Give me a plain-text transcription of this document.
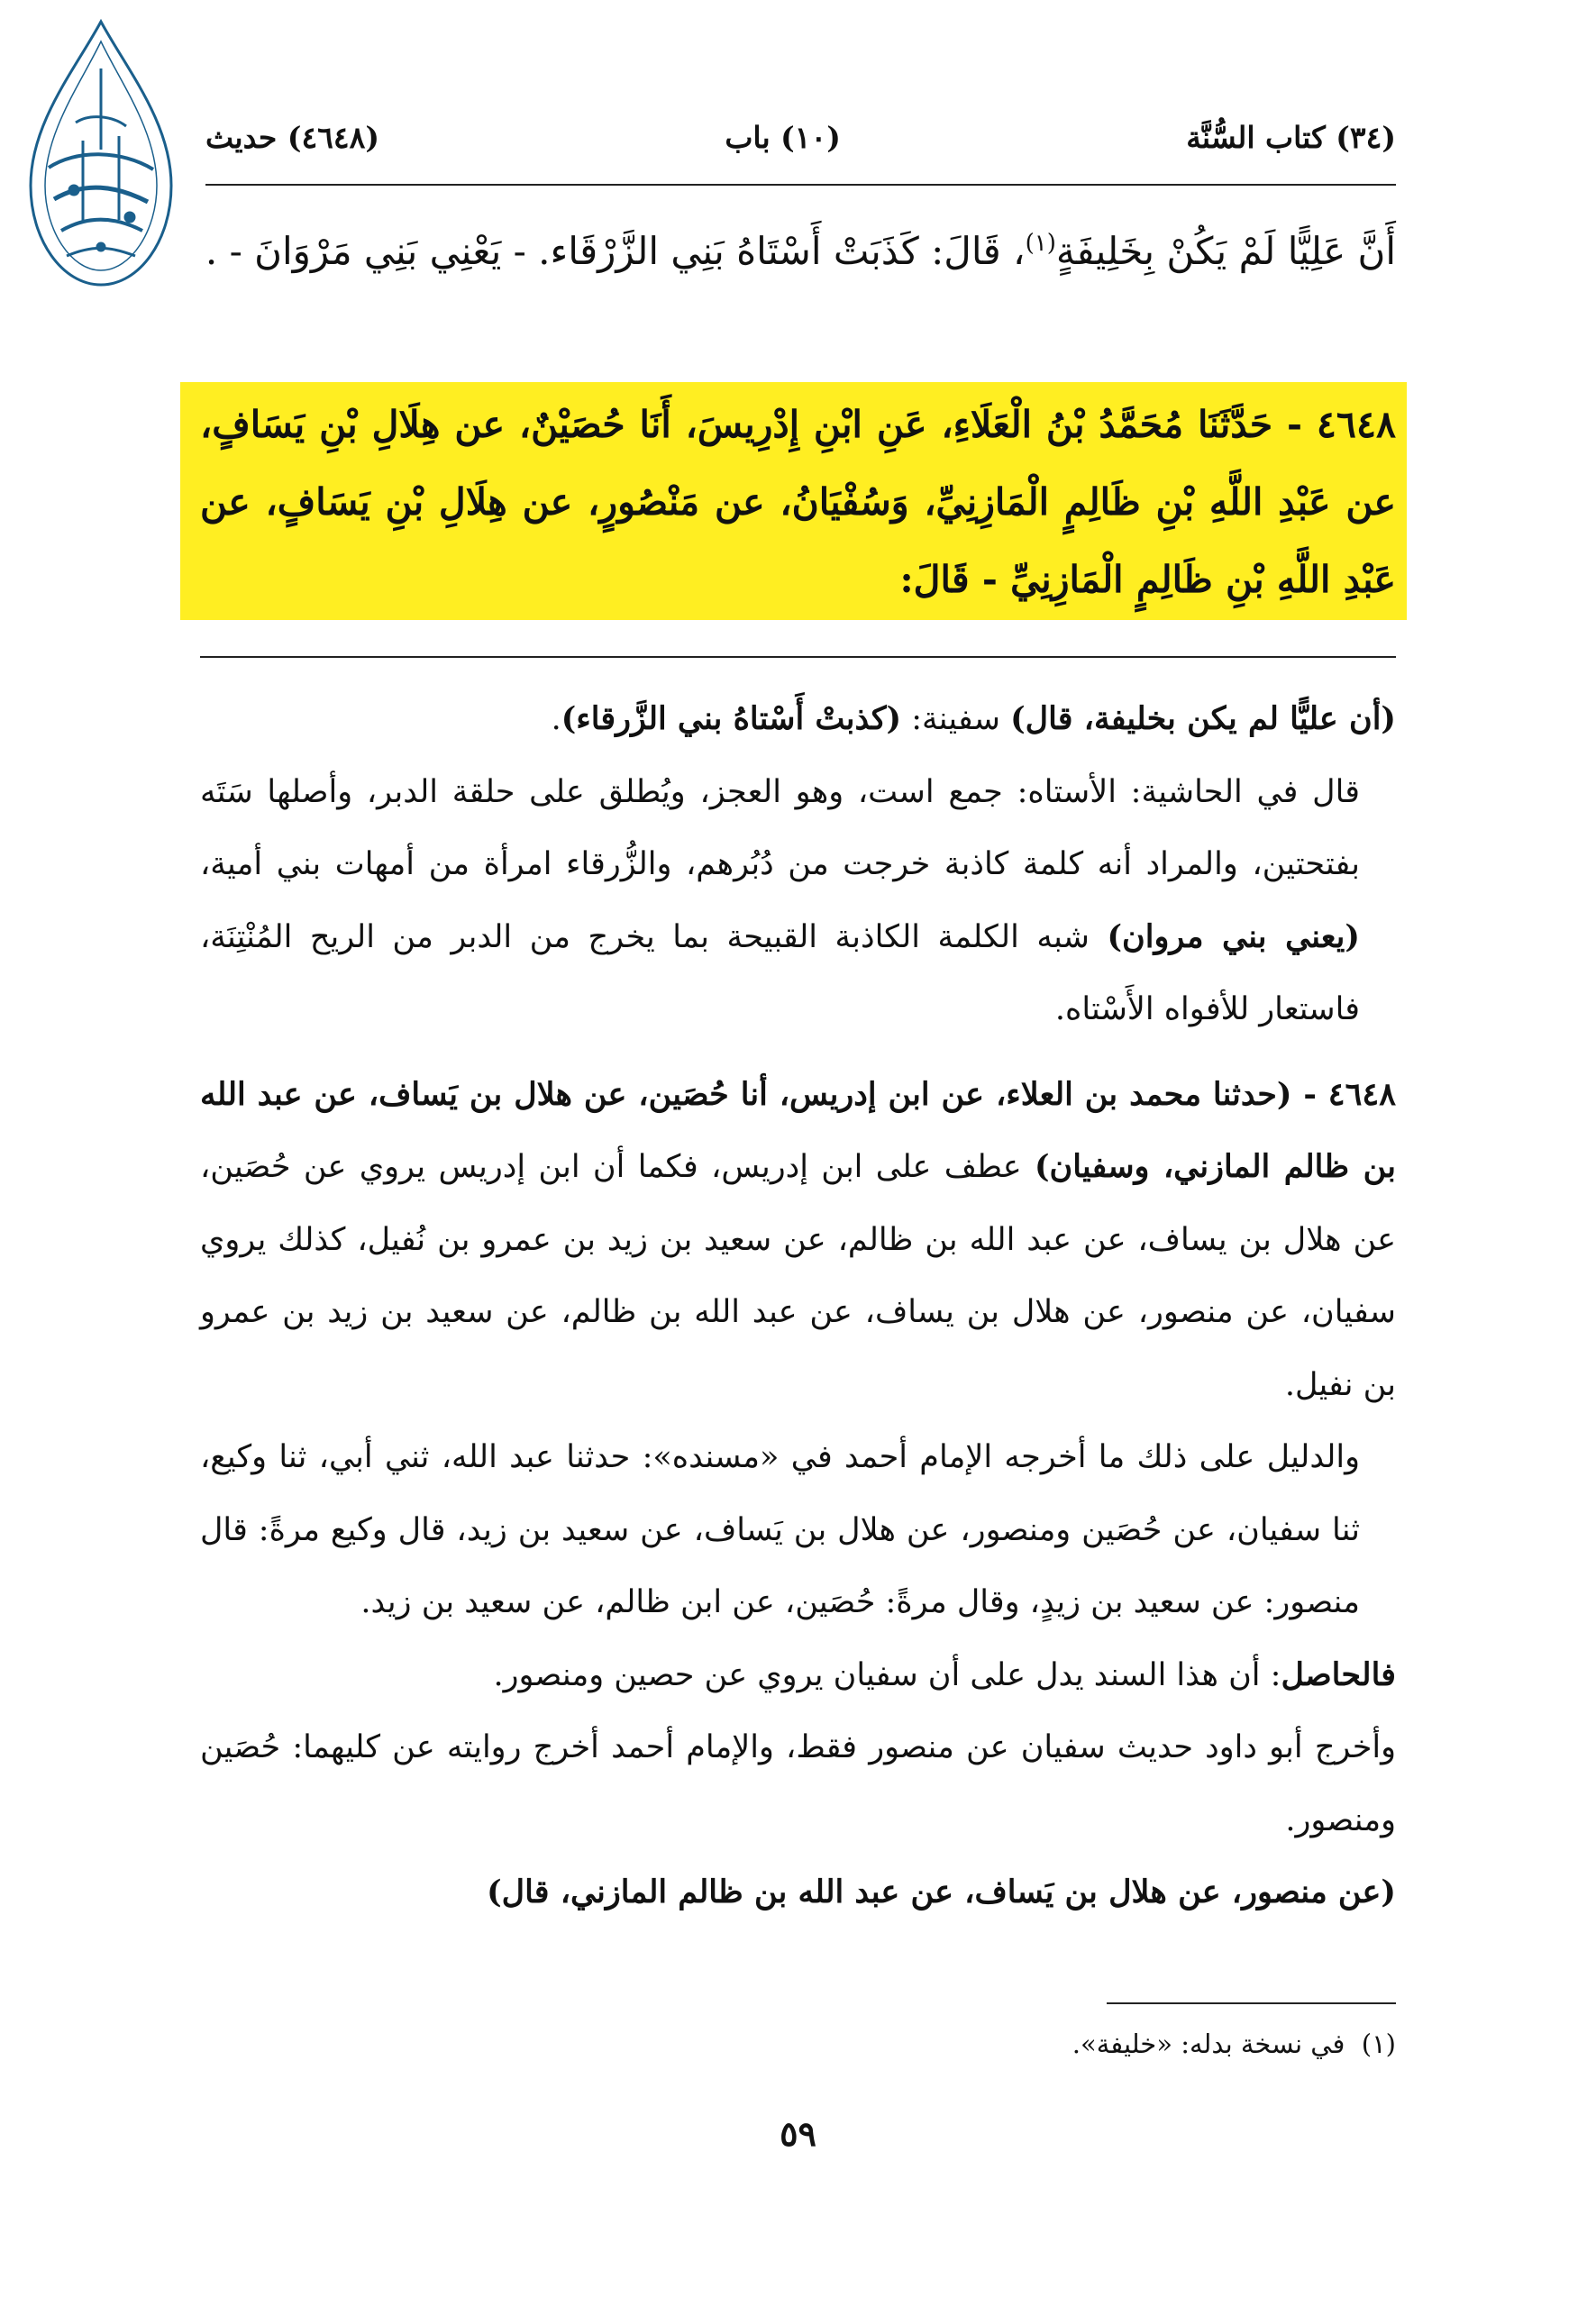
(٣٤) كتاب السُّنَّة
(١٠) باب
(٤٦٤٨) حديث
أَنَّ عَلِيًّا لَمْ يَكُنْ بِخَلِيفَةٍ$^{(١)}$، قَالَ: كَذَبَتْ أَسْتَاهُ بَنِي الزَّرْقَاء. - يَعْنِي بَنِي مَرْوَانَ - .
٤٦٤٨ - حَدَّثَنَا مُحَمَّدُ بْنُ الْعَلَاءِ، عَنِ ابْنِ إِدْرِيسَ، أَنَا حُصَيْنٌ، عن هِلَالِ بْنِ يَسَافٍ، عن عَبْدِ اللَّهِ بْنِ ظَالِمٍ الْمَازِنِيِّ، وَسُفْيَانُ، عن مَنْصُورٍ، عن هِلَالِ بْنِ يَسَافٍ، عن عَبْدِ اللَّهِ بْنِ ظَالِمٍ الْمَازِنِيِّ - قَالَ:

(أن عليًّا لم يكن بخليفة، قال) سفينة: (كذبتْ أَسْتاهُ بني الزَّرقاء).

قال في الحاشية: الأستاه: جمع است، وهو العجز، ويُطلق على حلقة الدبر، وأصلها سَتَه بفتحتين، والمراد أنه كلمة كاذبة خرجت من دُبُرهم، والزُّرقاء امرأة من أمهات بني أمية، (يعني بني مروان) شبه الكلمة الكاذبة القبيحة بما يخرج من الدبر من الريح المُنْتِنَة، فاستعار للأفواه الأَسْتاه.

٤٦٤٨ - (حدثنا محمد بن العلاء، عن ابن إدريس، أنا حُصَين، عن هلال بن يَساف، عن عبد الله بن ظالم المازني، وسفيان) عطف على ابن إدريس، فكما أن ابن إدريس يروي عن حُصَين، عن هلال بن يساف، عن عبد الله بن ظالم، عن سعيد بن زيد بن عمرو بن نُفيل، كذلك يروي سفيان، عن منصور، عن هلال بن يساف، عن عبد الله بن ظالم، عن سعيد بن زيد بن عمرو بن نفيل.

والدليل على ذلك ما أخرجه الإمام أحمد في «مسنده»: حدثنا عبد الله، ثني أبي، ثنا وكيع، ثنا سفيان، عن حُصَين ومنصور، عن هلال بن يَساف، عن سعيد بن زيد، قال وكيع مرةً: قال منصور: عن سعيد بن زيدٍ، وقال مرةً: حُصَين، عن ابن ظالم، عن سعيد بن زيد.

فالحاصل: أن هذا السند يدل على أن سفيان يروي عن حصين ومنصور.

وأخرج أبو داود حديث سفيان عن منصور فقط، والإمام أحمد أخرج روايته عن كليهما: حُصَين ومنصور.

(عن منصور، عن هلال بن يَساف، عن عبد الله بن ظالم المازني، قال)

(١)  في نسخة بدله: «خليفة».
٥٩
